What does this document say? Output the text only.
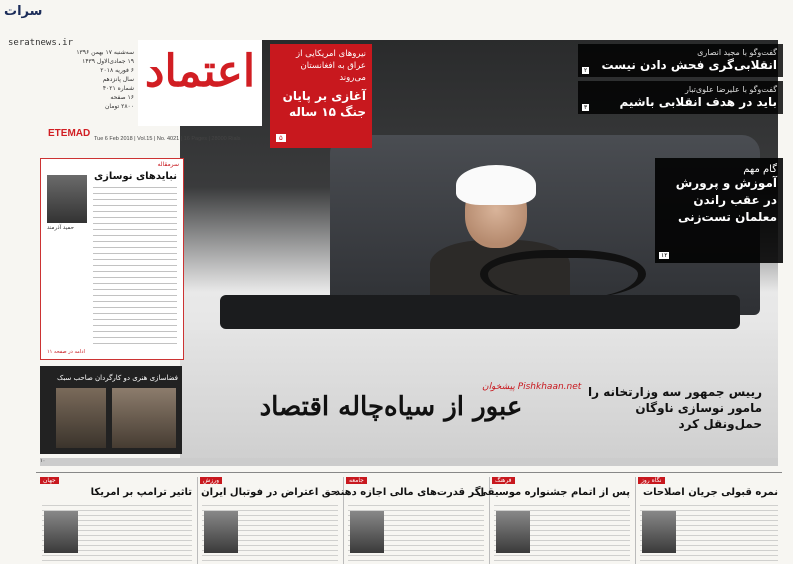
سرات
seratnews.ir
اعتماد
سه‌شنبه ۱۷ بهمن ۱۳۹۶
۱۹ جمادی‌الاول ۱۴۳۹
۶ فوریه ۲۰۱۸
سال پانزدهم
شماره ۴۰۲۱
۱۶ صفحه
۲۸۰۰ تومان
ETEMAD Tue 6 Feb 2018 | Vol.15 | No. 4021 | 16 Pages | 28000 Rials
نیروهای امریکایی از عراق به افغانستان می‌روند
آغازی بر پایان جنگ ۱۵ ساله
۵
گفت‌وگو با مجید انصاری
انقلابی‌گری فحش دادن نیست
۲
گفت‌وگو با علیرضا علوی‌تبار
باید در هدف انقلابی باشیم
۳
گام مهم
آموزش و پرورش در عقب راندن معلمان تست‌زنی
۱۲
پیشخوان Pishkhaan.net
عبور از سیاه‌چاله اقتصاد	رییس جمهور سه وزارتخانه را مامور نوسازی ناوگان حمل‌و‌نقل کرد
سرمقاله
نبایدهای نوسازی
حمید آذرمند
ادامه در صفحه ۱۱
فضاسازی هنری دو کارگردان صاحب سبک
۱۰
نگاه روز
نمره قبولی جریان اصلاحات
فرهنگ
پس از اتمام جشنواره موسیقی
جامعه
اگر قدرت‌های مالی اجازه دهند
ورزش
حق اعتراض در فوتبال ایران
جهان
تاثیر ترامپ بر امریکا
